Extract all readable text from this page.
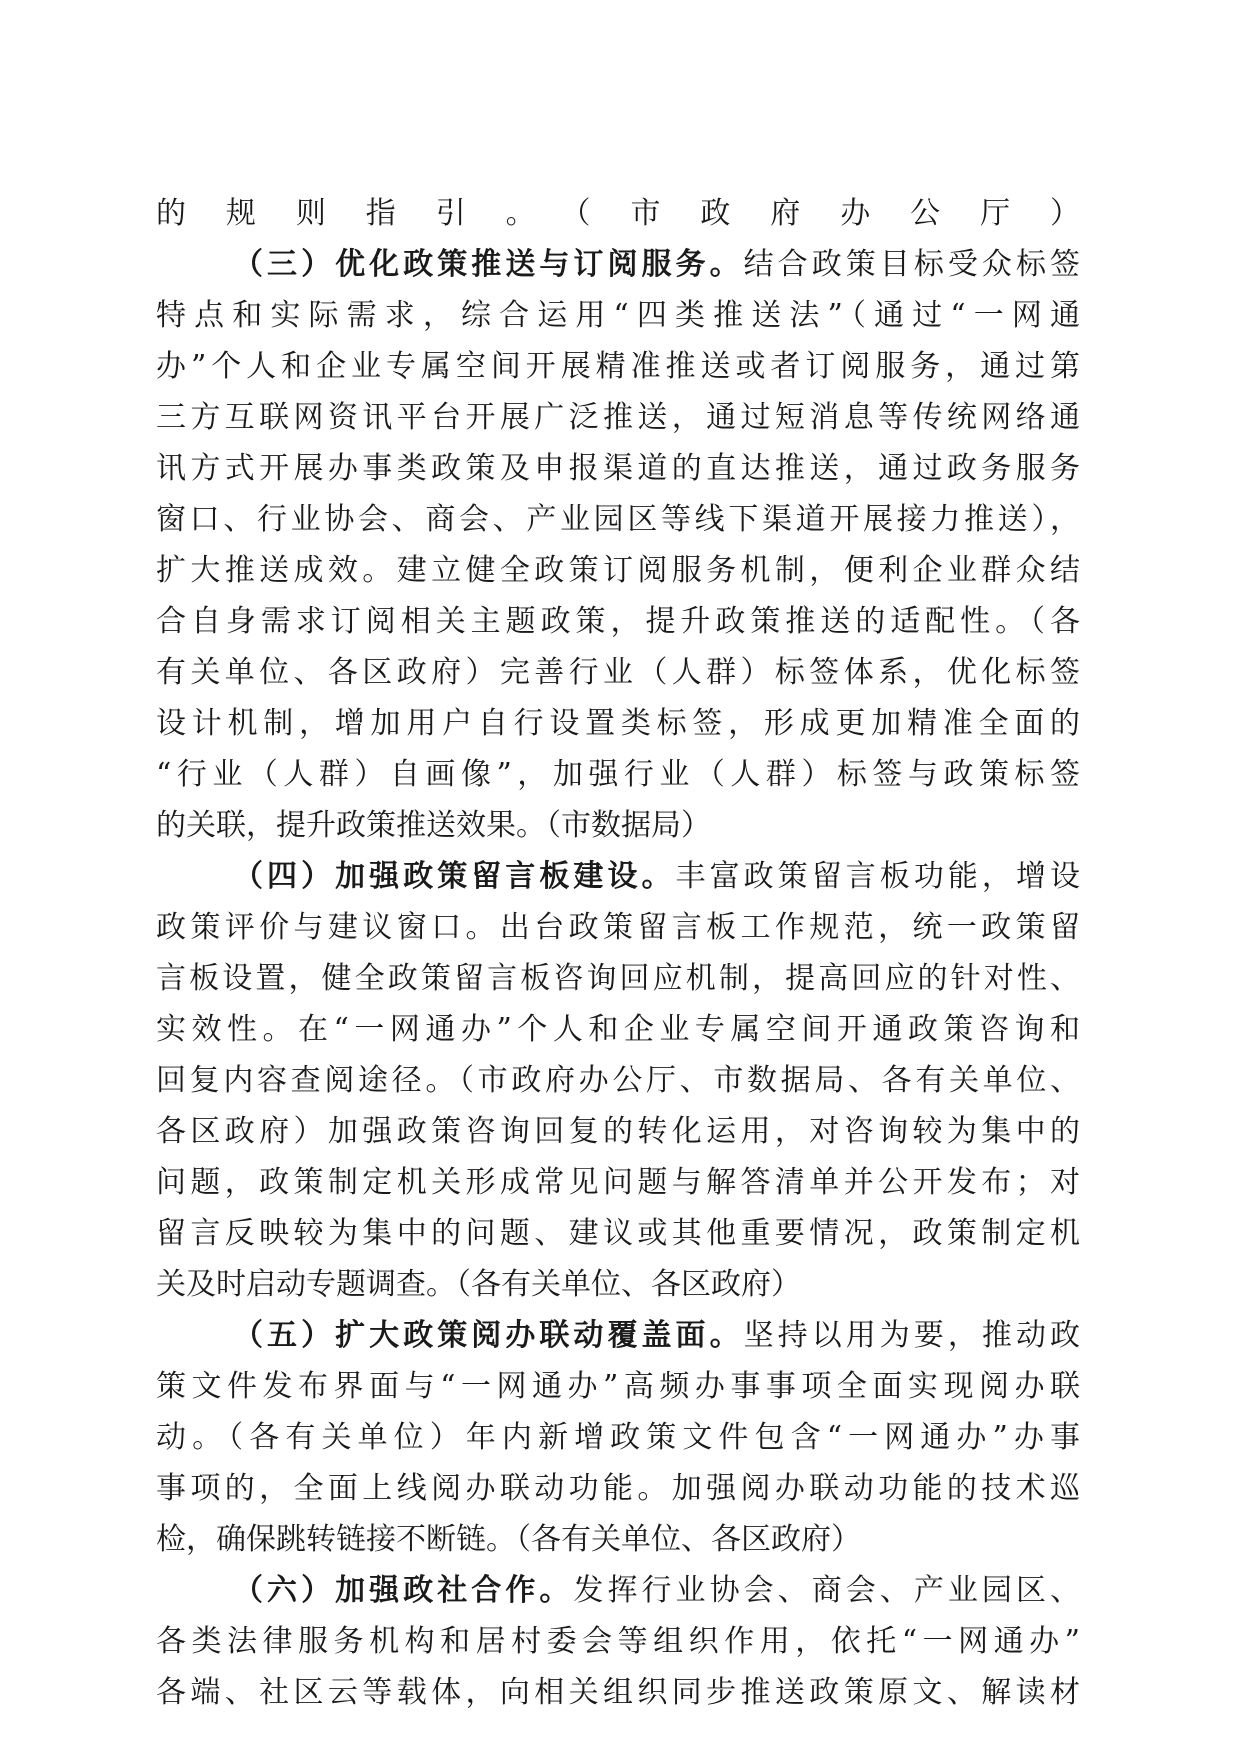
的规则指引。（市政府办公厅）
（三）优化政策推送与订阅服务。结合政策目标受众标签
特点和实际需求，综合运用“四类推送法”（通过“一网通
办”个人和企业专属空间开展精准推送或者订阅服务，通过第
三方互联网资讯平台开展广泛推送，通过短消息等传统网络通
讯方式开展办事类政策及申报渠道的直达推送，通过政务服务
窗口、行业协会、商会、产业园区等线下渠道开展接力推送），
扩大推送成效。建立健全政策订阅服务机制，便利企业群众结
合自身需求订阅相关主题政策，提升政策推送的适配性。（各
有关单位、各区政府）完善行业（人群）标签体系，优化标签
设计机制，增加用户自行设置类标签，形成更加精准全面的
“行业（人群）自画像”，加强行业（人群）标签与政策标签
的关联，提升政策推送效果。（市数据局）
（四）加强政策留言板建设。丰富政策留言板功能，增设
政策评价与建议窗口。出台政策留言板工作规范，统一政策留
言板设置，健全政策留言板咨询回应机制，提高回应的针对性、
实效性。在“一网通办”个人和企业专属空间开通政策咨询和
回复内容查阅途径。（市政府办公厅、市数据局、各有关单位、
各区政府）加强政策咨询回复的转化运用，对咨询较为集中的
问题，政策制定机关形成常见问题与解答清单并公开发布；对
留言反映较为集中的问题、建议或其他重要情况，政策制定机
关及时启动专题调查。（各有关单位、各区政府）
（五）扩大政策阅办联动覆盖面。坚持以用为要，推动政
策文件发布界面与“一网通办”高频办事事项全面实现阅办联
动。（各有关单位）年内新增政策文件包含“一网通办”办事
事项的，全面上线阅办联动功能。加强阅办联动功能的技术巡
检，确保跳转链接不断链。（各有关单位、各区政府）
（六）加强政社合作。发挥行业协会、商会、产业园区、
各类法律服务机构和居村委会等组织作用，依托“一网通办”
各端、社区云等载体，向相关组织同步推送政策原文、解读材
